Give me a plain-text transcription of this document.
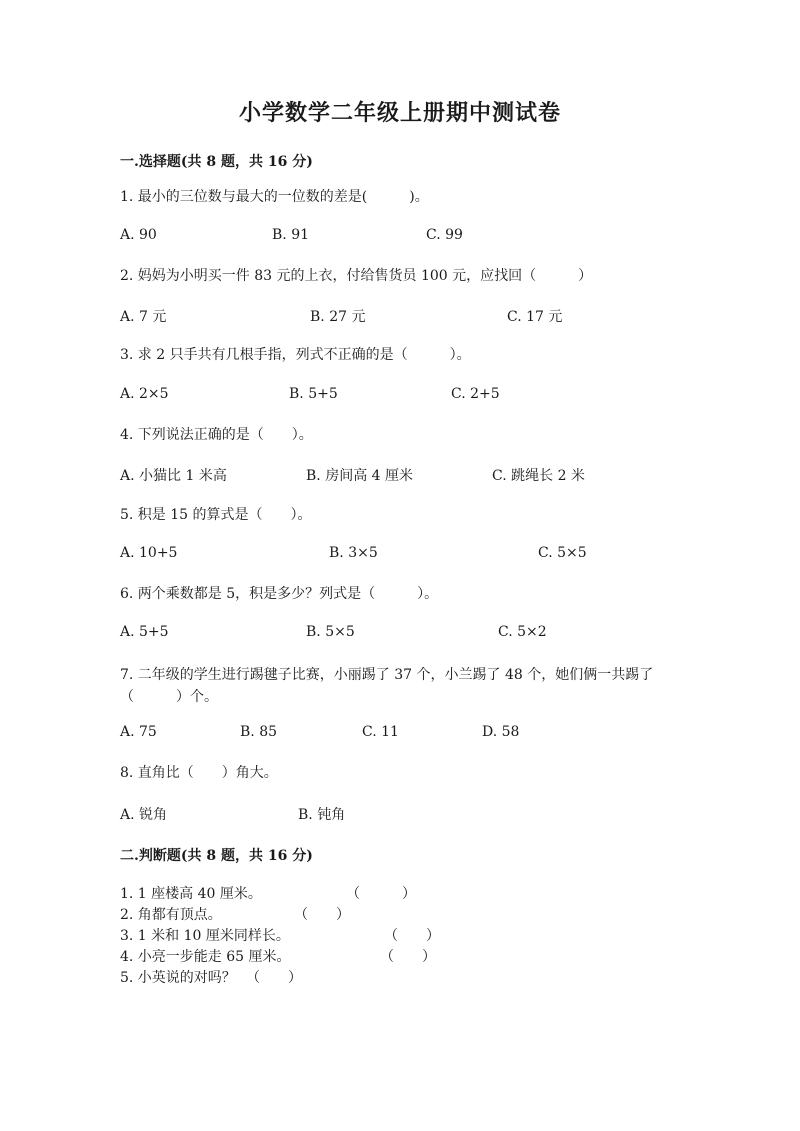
小学数学二年级上册期中测试卷
一.选择题(共 8 题，共 16 分)
1. 最小的三位数与最大的一位数的差是(　　　)。
A. 90	B. 91	C. 99
2. 妈妈为小明买一件 83 元的上衣，付给售货员 100 元，应找回（　　　）
A. 7 元	B. 27 元	C. 17 元
3. 求 2 只手共有几根手指，列式不正确的是（　　　）。
A. 2×5	B. 5+5	C. 2+5
4. 下列说法正确的是（　　）。
A. 小猫比 1 米高	B. 房间高 4 厘米	C. 跳绳长 2 米
5. 积是 15 的算式是（　　）。
A. 10+5	B. 3×5	C. 5×5
6. 两个乘数都是 5，积是多少？列式是（　　　）。
A. 5+5	B. 5×5	C. 5×2
7. 二年级的学生进行踢毽子比赛，小丽踢了 37 个，小兰踢了 48 个，她们俩一共踢了（　　　）个。
A. 75	B. 85	C. 11	D. 58
8. 直角比（　　）角大。
A. 锐角	B. 钝角
二.判断题(共 8 题，共 16 分)
1. 1 座楼高 40 厘米。	（　　　）
2. 角都有顶点。	（　　）
3. 1 米和 10 厘米同样长。	（　　）
4. 小亮一步能走 65 厘米。	（　　）
5. 小英说的对吗？ （　　）
